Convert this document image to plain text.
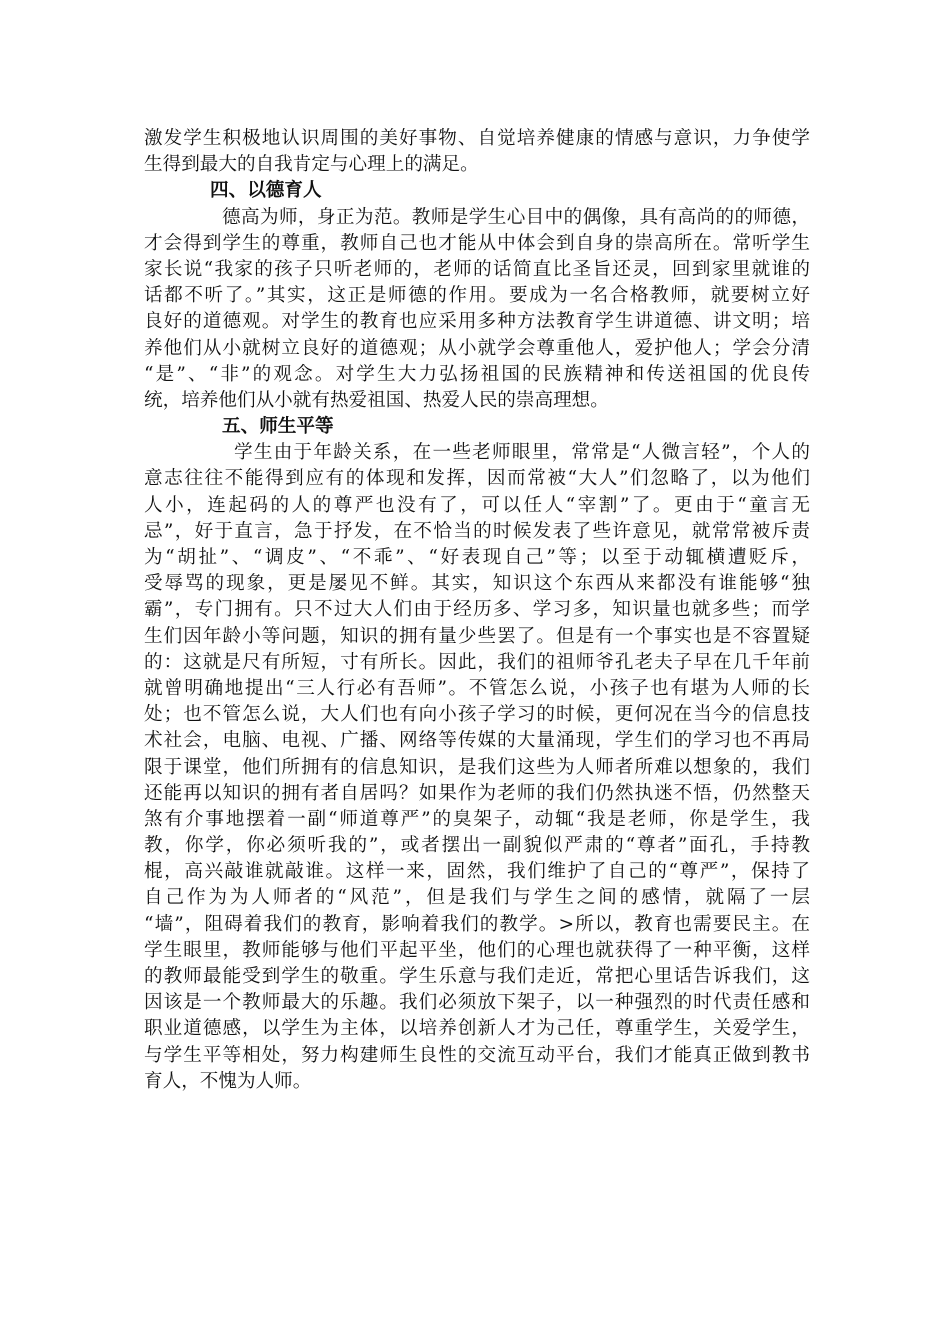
激发学生积极地认识周围的美好事物、自觉培养健康的情感与意识，力争使学
生得到最大的自我肯定与心理上的满足。
四、以德育人
德高为师，身正为范。教师是学生心目中的偶像，具有高尚的的师德，
才会得到学生的尊重，教师自己也才能从中体会到自身的崇高所在。常听学生
家长说“我家的孩子只听老师的，老师的话简直比圣旨还灵，回到家里就谁的
话都不听了。”其实，这正是师德的作用。要成为一名合格教师，就要树立好
良好的道德观。对学生的教育也应采用多种方法教育学生讲道德、讲文明；培
养他们从小就树立良好的道德观；从小就学会尊重他人，爱护他人；学会分清
“是”、“非”的观念。对学生大力弘扬祖国的民族精神和传送祖国的优良传
统，培养他们从小就有热爱祖国、热爱人民的崇高理想。
五、师生平等
学生由于年龄关系，在一些老师眼里，常常是“人微言轻”，个人的
意志往往不能得到应有的体现和发挥，因而常被“大人”们忽略了，以为他们
人小，连起码的人的尊严也没有了，可以任人“宰割”了。更由于“童言无
忌”，好于直言，急于抒发，在不恰当的时候发表了些许意见，就常常被斥责
为“胡扯”、“调皮”、“不乖”、“好表现自己”等；以至于动辄横遭贬斥，
受辱骂的现象，更是屡见不鲜。其实，知识这个东西从来都没有谁能够“独
霸”，专门拥有。只不过大人们由于经历多、学习多，知识量也就多些；而学
生们因年龄小等问题，知识的拥有量少些罢了。但是有一个事实也是不容置疑
的：这就是尺有所短，寸有所长。因此，我们的祖师爷孔老夫子早在几千年前
就曾明确地提出“三人行必有吾师”。不管怎么说，小孩子也有堪为人师的长
处；也不管怎么说，大人们也有向小孩子学习的时候，更何况在当今的信息技
术社会，电脑、电视、广播、网络等传媒的大量涌现，学生们的学习也不再局
限于课堂，他们所拥有的信息知识，是我们这些为人师者所难以想象的，我们
还能再以知识的拥有者自居吗？如果作为老师的我们仍然执迷不悟，仍然整天
煞有介事地摆着一副“师道尊严”的臭架子，动辄“我是老师，你是学生，我
教，你学，你必须听我的”，或者摆出一副貌似严肃的“尊者”面孔，手持教
棍，高兴敲谁就敲谁。这样一来，固然，我们维护了自己的“尊严”，保持了
自己作为为人师者的“风范”，但是我们与学生之间的感情，就隔了一层
“墙”，阻碍着我们的教育，影响着我们的教学。>所以，教育也需要民主。在
学生眼里，教师能够与他们平起平坐，他们的心理也就获得了一种平衡，这样
的教师最能受到学生的敬重。学生乐意与我们走近，常把心里话告诉我们，这
因该是一个教师最大的乐趣。我们必须放下架子，以一种强烈的时代责任感和
职业道德感，以学生为主体，以培养创新人才为己任，尊重学生，关爱学生，
与学生平等相处，努力构建师生良性的交流互动平台，我们才能真正做到教书
育人，不愧为人师。
